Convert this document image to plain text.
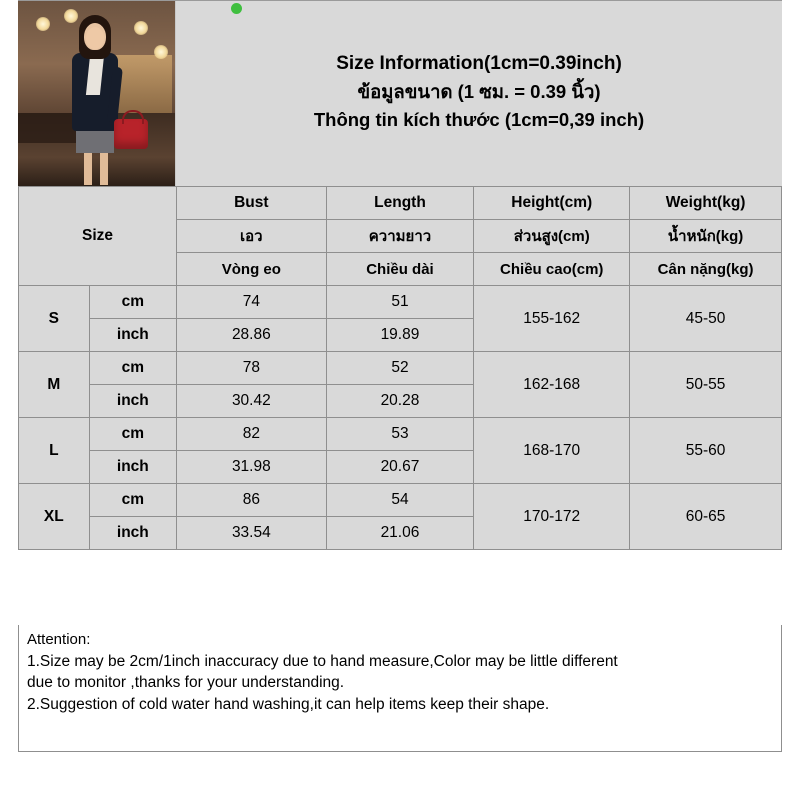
Size Information(1cm=0.39inch)
ข้อมูลขนาด (1 ซม. = 0.39 นิ้ว)
Thông tin kích thước (1cm=0,39 inch)
Size		Bust	Length	Height(cm)	Weight(kg)
		เอว	ความยาว	ส่วนสูง(cm)	น้ำหนัก(kg)
		Vòng eo	Chiều dài	Chiều cao(cm)	Cân nặng(kg)
S	cm	74	51	155-162	45-50
	inch	28.86	19.89		
M	cm	78	52	162-168	50-55
	inch	30.42	20.28		
L	cm	82	53	168-170	55-60
	inch	31.98	20.67		
XL	cm	86	54	170-172	60-65
	inch	33.54	21.06		

Attention:

1.Size may be 2cm/1inch inaccuracy due to hand measure,Color may be little different

due to monitor ,thanks for your understanding.

2.Suggestion of cold water hand washing,it can help items keep their shape.
